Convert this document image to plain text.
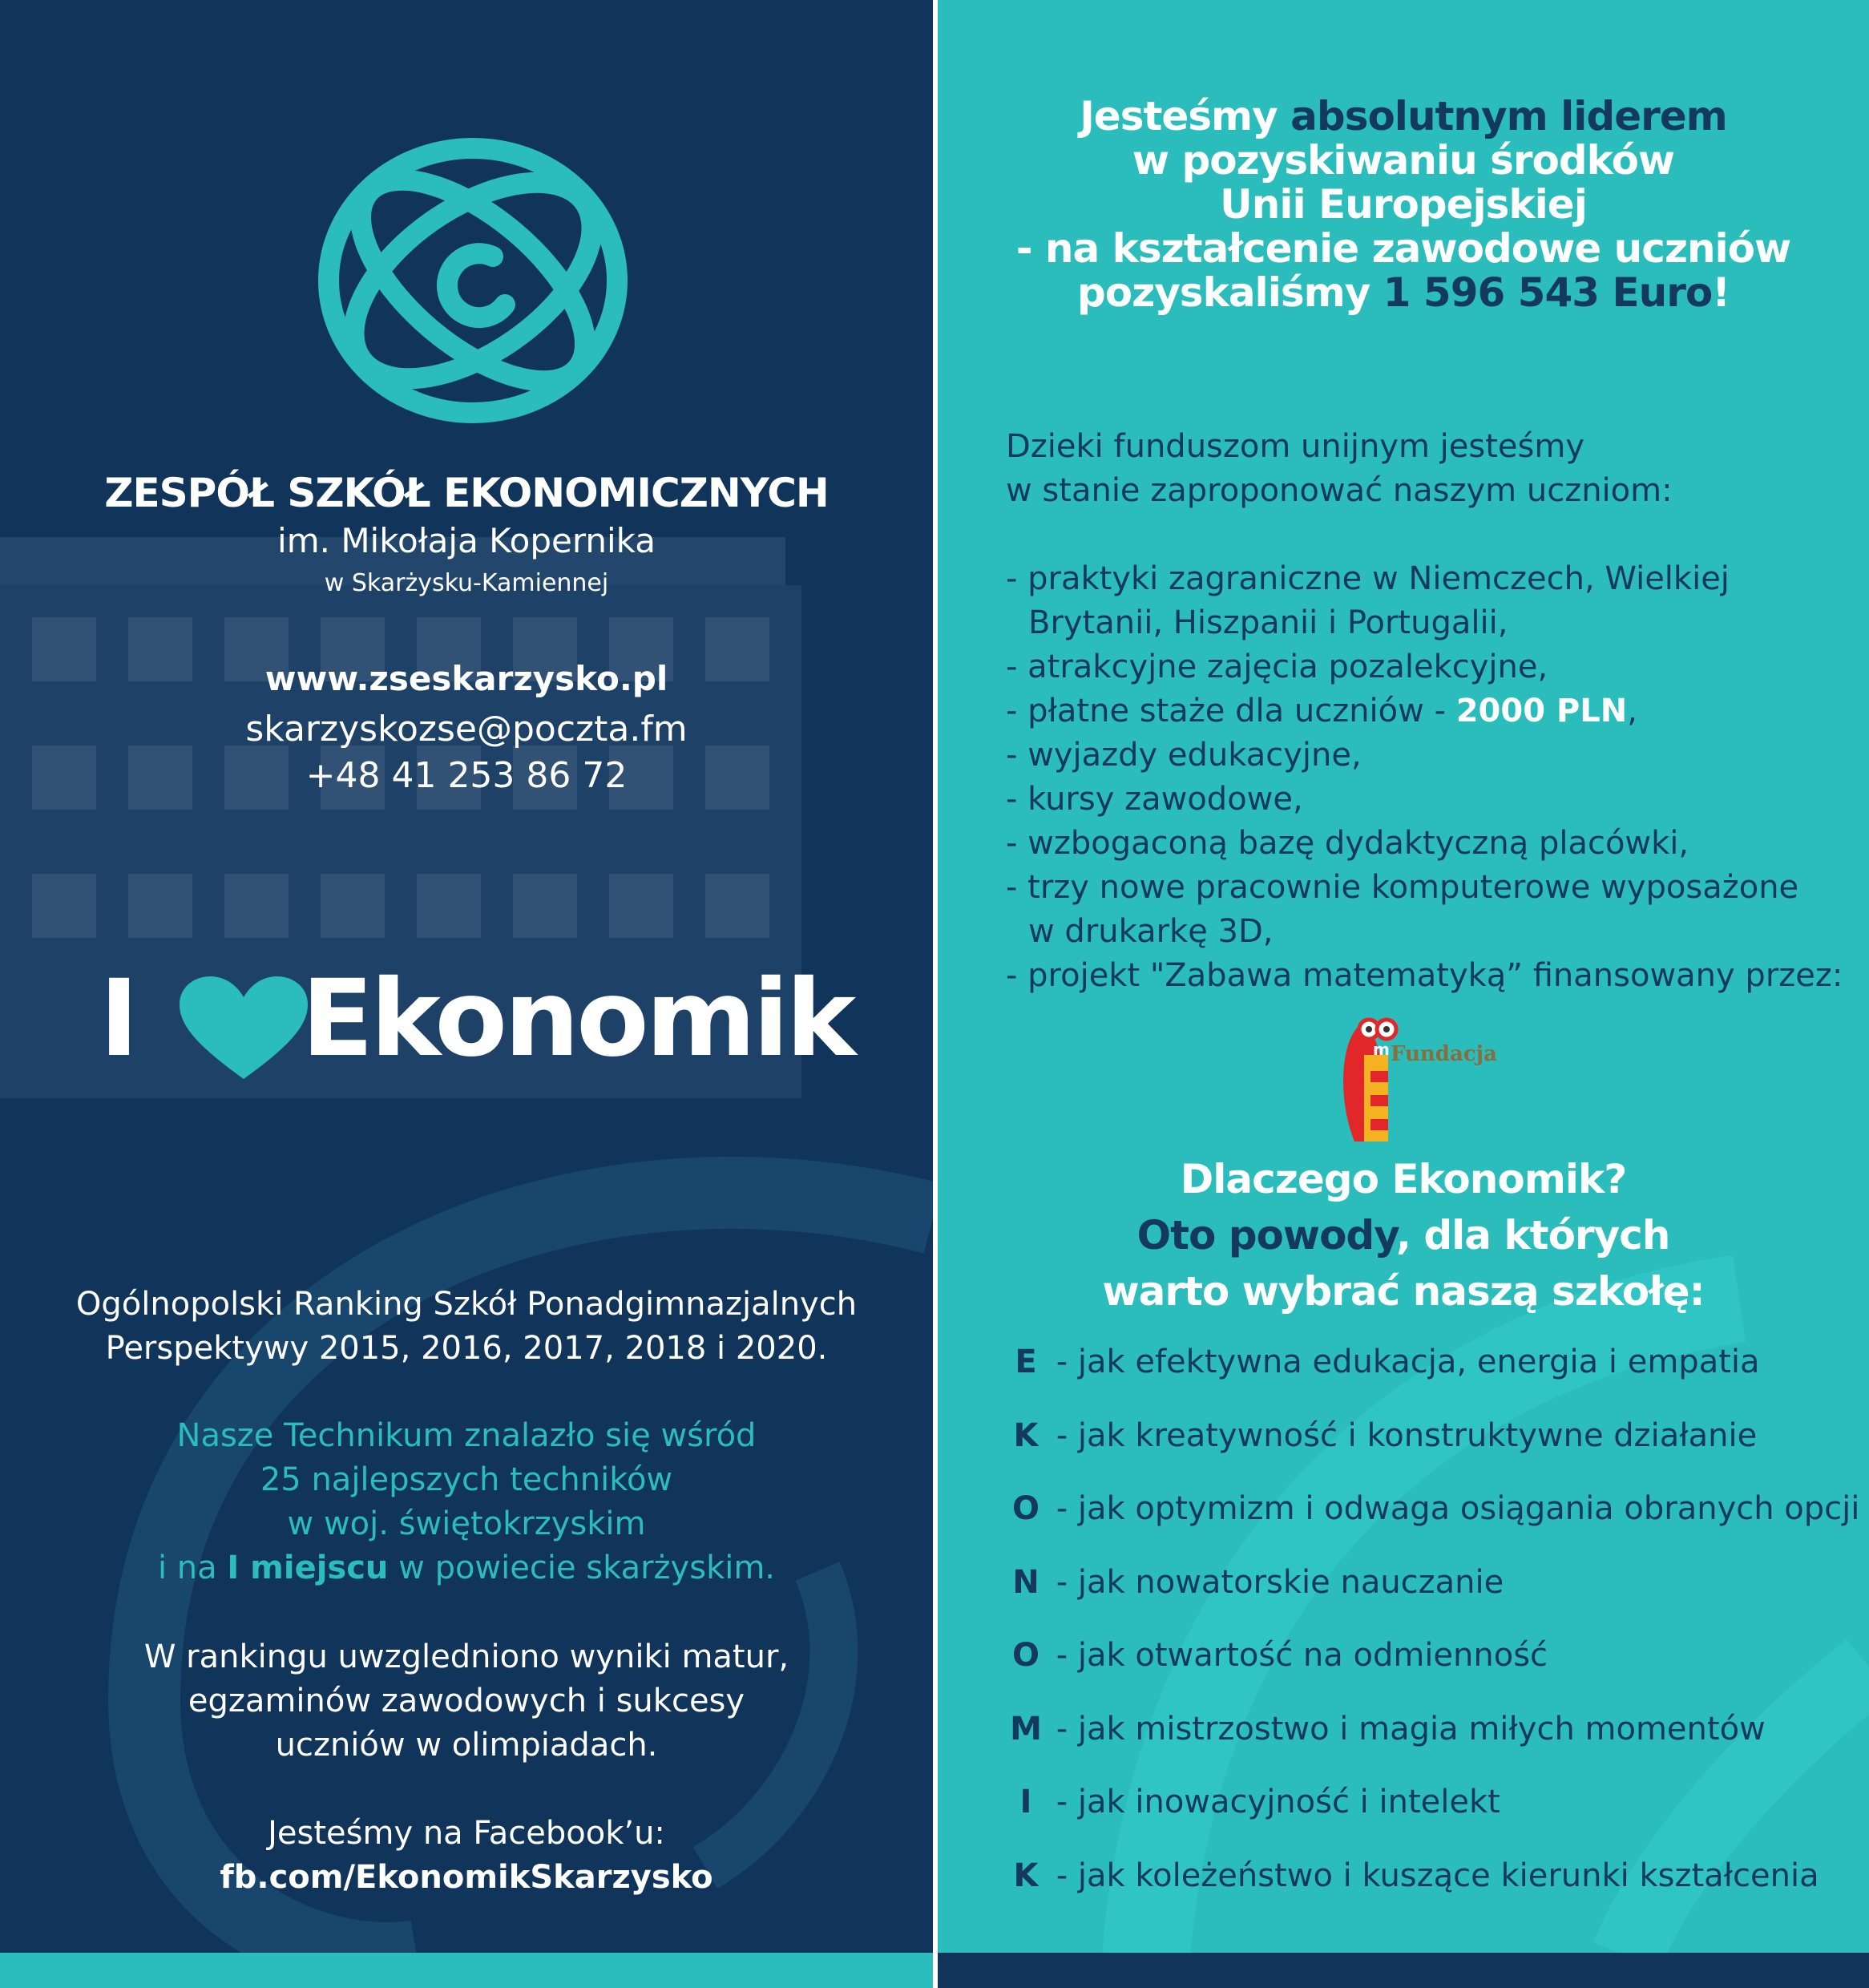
ZESPÓŁ SZKÓŁ EKONOMICZNYCH
im. Mikołaja Kopernika
w Skarżysku-Kamiennej
www.zseskarzysko.pl
skarzyskozse@poczta.fm
+48 41 253 86 72
I Ekonomik
Ogólnopolski Ranking Szkół Ponadgimnazjalnych
Perspektywy 2015, 2016, 2017, 2018 i 2020.
Nasze Technikum znalazło się wśród
25 najlepszych techników
w woj. świętokrzyskim
i na I miejscu w powiecie skarżyskim.
W rankingu uwzgledniono wyniki matur,
egzaminów zawodowych i sukcesy
uczniów w olimpiadach.
Jesteśmy na Facebook’u:
fb.com/EkonomikSkarzysko
Jesteśmy absolutnym liderem
w pozyskiwaniu środków
Unii Europejskiej
- na kształcenie zawodowe uczniów
pozyskaliśmy 1 596 543 Euro!
Dzieki funduszom unijnym jesteśmy
w stanie zaproponować naszym uczniom:
- praktyki zagraniczne w Niemczech, Wielkiej
Brytanii, Hiszpanii i Portugalii,
- atrakcyjne zajęcia pozalekcyjne,
- płatne staże dla uczniów - 2000 PLN,
- wyjazdy edukacyjne,
- kursy zawodowe,
- wzbogaconą bazę dydaktyczną placówki,
- trzy nowe pracownie komputerowe wyposażone
w drukarkę 3D,
- projekt "Zabawa matematyką” finansowany przez:
m Fundacja
Dlaczego Ekonomik?
Oto powody, dla których
warto wybrać naszą szkołę:
E - jak efektywna edukacja, energia i empatia
K - jak kreatywność i konstruktywne działanie
O - jak optymizm i odwaga osiągania obranych opcji
N - jak nowatorskie nauczanie
O - jak otwartość na odmienność
M - jak mistrzostwo i magia miłych momentów
I - jak inowacyjność i intelekt
K - jak koleżeństwo i kuszące kierunki kształcenia
